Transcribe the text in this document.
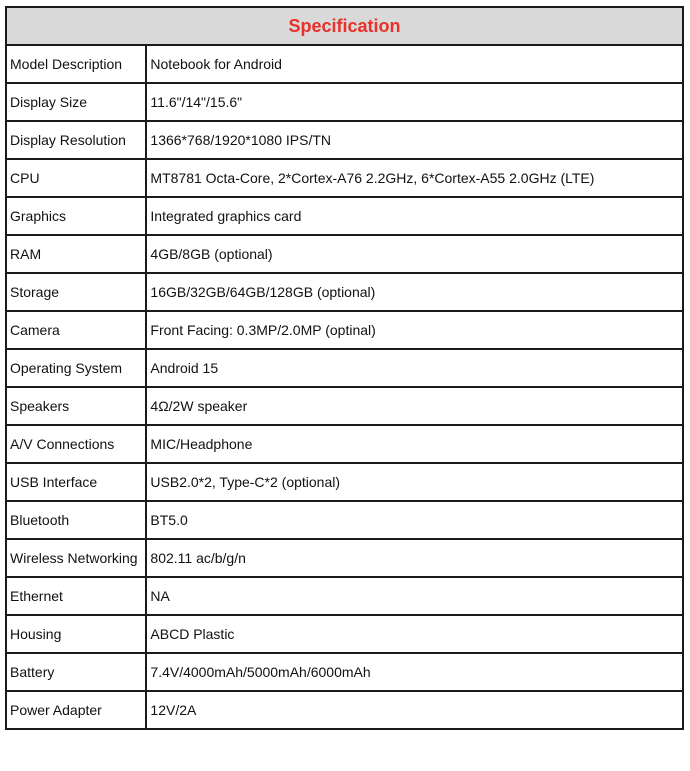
Specification	
Model Description	Notebook for Android
Display Size	11.6"/14"/15.6"
Display Resolution	1366*768/1920*1080 IPS/TN
CPU	MT8781 Octa-Core, 2*Cortex-A76 2.2GHz, 6*Cortex-A55 2.0GHz (LTE)
Graphics	Integrated graphics card
RAM	4GB/8GB (optional)
Storage	16GB/32GB/64GB/128GB (optional)
Camera	Front Facing: 0.3MP/2.0MP (optinal)
Operating System	Android 15
Speakers	4Ω/2W speaker
A/V Connections	MIC/Headphone
USB Interface	USB2.0*2, Type-C*2 (optional)
Bluetooth	BT5.0
Wireless Networking	802.11 ac/b/g/n
Ethernet	NA
Housing	ABCD Plastic
Battery	7.4V/4000mAh/5000mAh/6000mAh
Power Adapter	12V/2A
